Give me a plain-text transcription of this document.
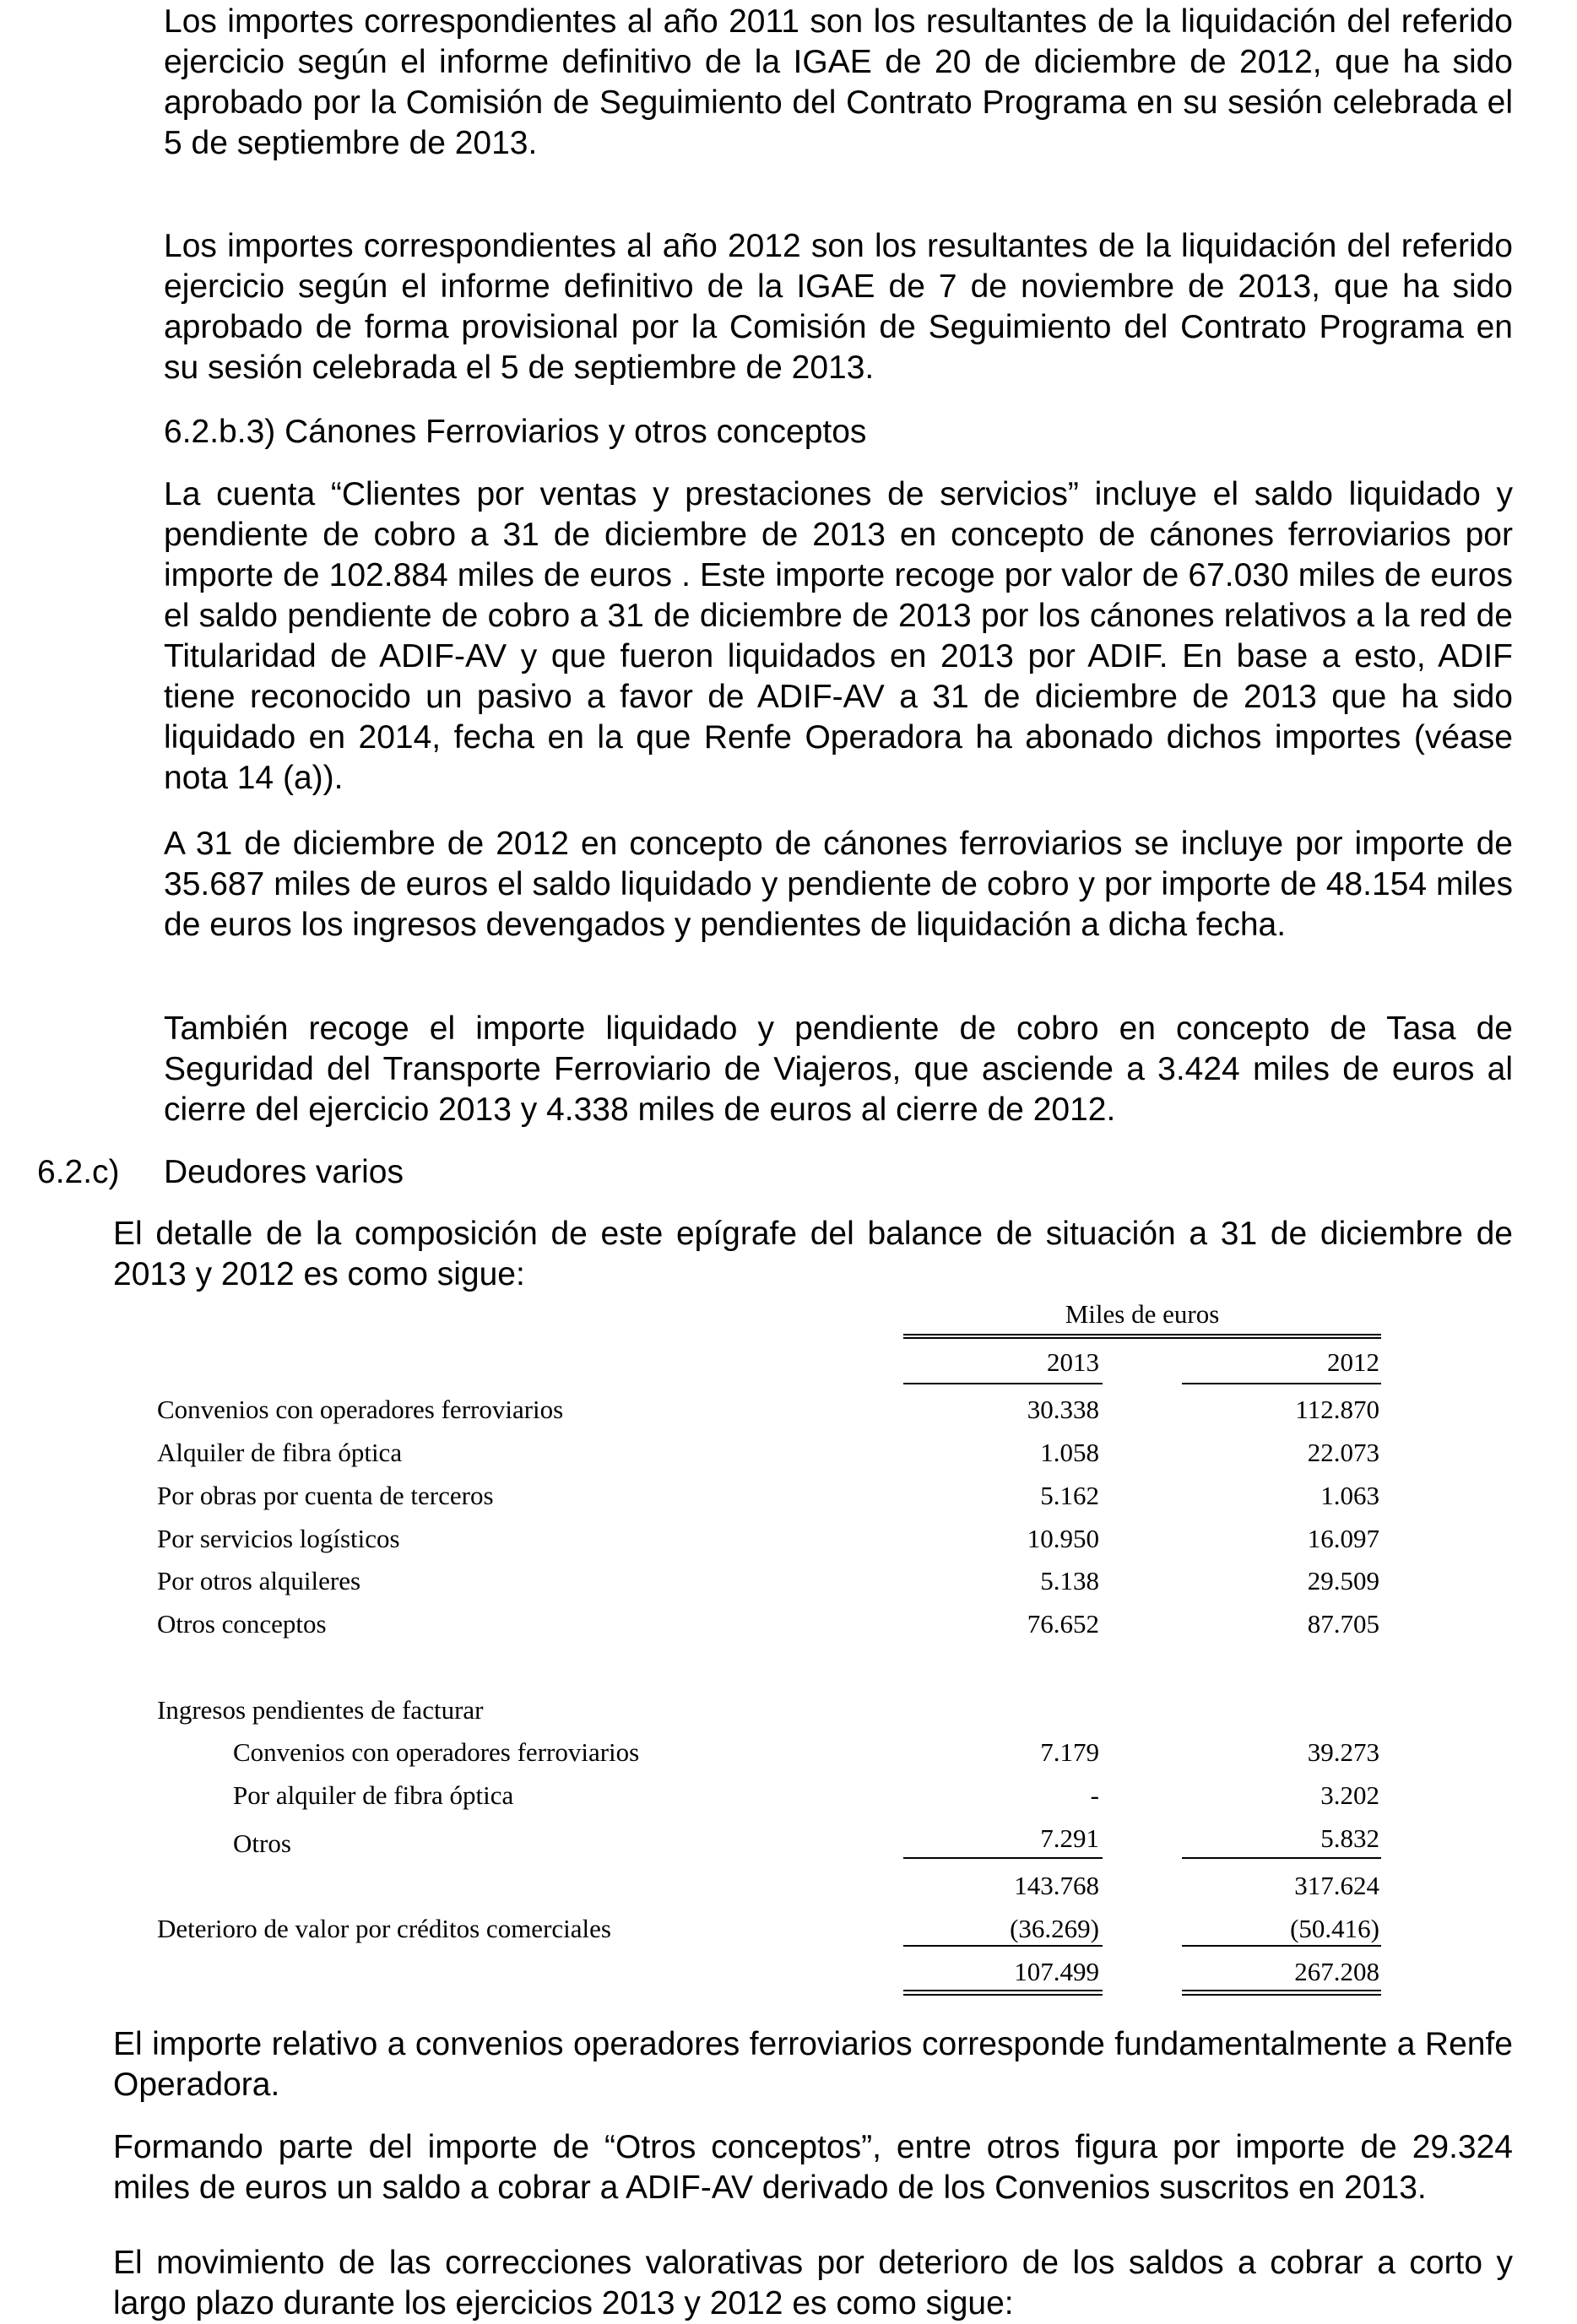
Los importes correspondientes al año 2011 son los resultantes de la liquidación del referido ejercicio según el informe definitivo de la IGAE de 20 de diciembre de 2012, que ha sido aprobado por la Comisión de Seguimiento del Contrato Programa en su sesión celebrada el 5 de septiembre de 2013.
Los importes correspondientes al año 2012 son los resultantes de la liquidación del referido ejercicio según el informe definitivo de la IGAE de 7 de noviembre de 2013, que ha sido aprobado de forma provisional por la Comisión de Seguimiento del Contrato Programa en su sesión celebrada el 5 de septiembre de 2013.
6.2.b.3) Cánones Ferroviarios y otros conceptos
La cuenta “Clientes por ventas y prestaciones de servicios” incluye el saldo liquidado y pendiente de cobro a 31 de diciembre de 2013 en concepto de cánones ferroviarios por importe de 102.884 miles de euros . Este importe recoge por valor de 67.030 miles de euros el saldo pendiente de cobro a 31 de diciembre de 2013 por los cánones relativos a la red de Titularidad de ADIF-AV y que fueron liquidados en 2013 por ADIF. En base a esto, ADIF tiene reconocido un pasivo a favor de ADIF-AV a 31 de diciembre de 2013 que ha sido liquidado en 2014, fecha en la que Renfe Operadora ha abonado dichos importes (véase nota 14 (a)).
A 31 de diciembre de 2012 en concepto de cánones ferroviarios se incluye por importe de 35.687 miles de euros el saldo liquidado y pendiente de cobro y por importe de 48.154 miles de euros los ingresos devengados y pendientes de liquidación a dicha fecha.
También recoge el importe liquidado y pendiente de cobro en concepto de Tasa de Seguridad del Transporte Ferroviario de Viajeros, que asciende a 3.424 miles de euros al cierre del ejercicio 2013 y 4.338 miles de euros al cierre de 2012.
6.2.c) Deudores varios
El detalle de la composición de este epígrafe del balance de situación a 31 de diciembre de 2013 y 2012 es como sigue:
Miles de euros
2013	2012
Convenios con operadores ferroviarios	30.338	112.870
Alquiler de fibra óptica	1.058	22.073
Por obras por cuenta de terceros	5.162	1.063
Por servicios logísticos	10.950	16.097
Por otros alquileres	5.138	29.509
Otros conceptos	76.652	87.705
Ingresos pendientes de facturar
Convenios con operadores ferroviarios	7.179	39.273
Por alquiler de fibra óptica	-	3.202
Otros	7.291	5.832
143.768	317.624
Deterioro de valor por créditos comerciales	(36.269)	(50.416)
107.499	267.208
El importe relativo a convenios operadores ferroviarios corresponde fundamentalmente a Renfe Operadora.
Formando parte del importe de “Otros conceptos”, entre otros figura por importe de 29.324 miles de euros un saldo a cobrar a ADIF-AV derivado de los Convenios suscritos en 2013.
El movimiento de las correcciones valorativas por deterioro de los saldos a cobrar a corto y largo plazo durante los ejercicios 2013 y 2012 es como sigue:
